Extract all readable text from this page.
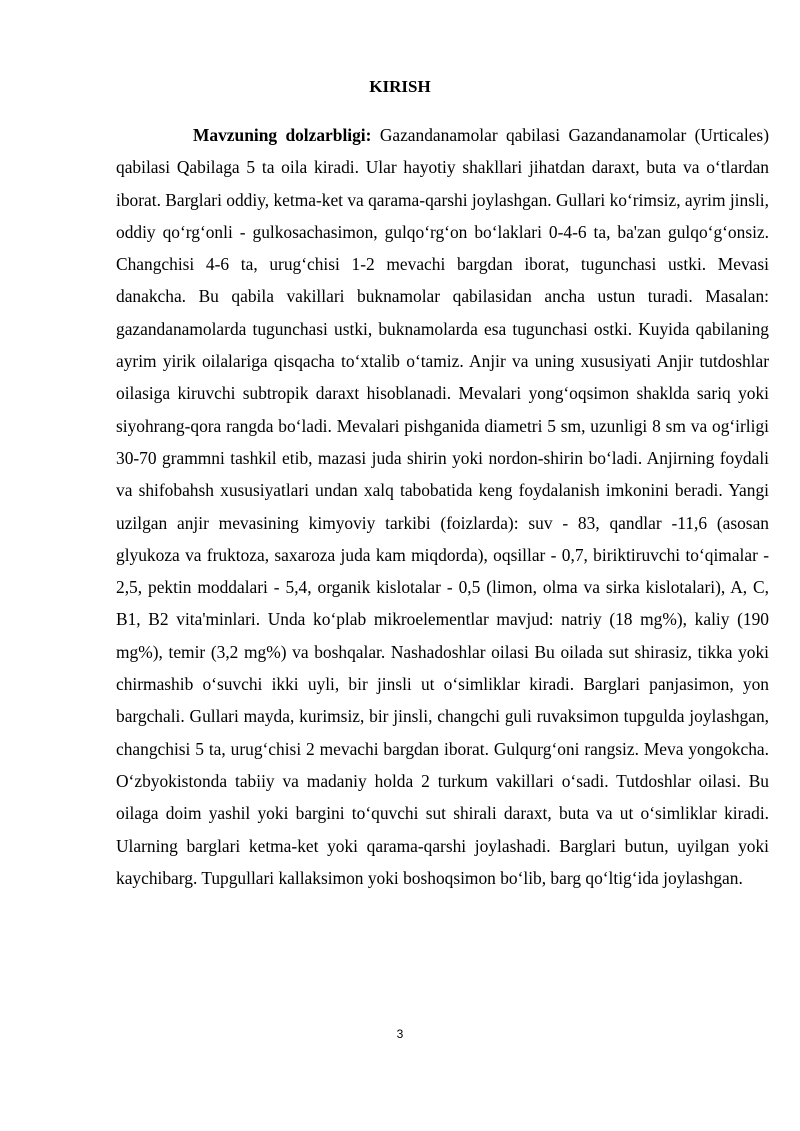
KIRISH

Mavzuning dolzarbligi: Gazandanamolar qabilasi Gazandanamolar (Urticales) qabilasi Qabilaga 5 ta oila kiradi. Ular hayotiy shakllari jihatdan daraxt, buta va o‘tlardan iborat. Barglari oddiy, ketma-ket va qarama-qarshi joylashgan. Gullari ko‘rimsiz, ayrim jinsli, oddiy qo‘rg‘onli - gulkosachasimon, gulqo‘rg‘on bo‘laklari 0-4-6 ta, ba'zan gulqo‘g‘onsiz. Changchisi 4-6 ta, urug‘chisi 1-2 mevachi bargdan iborat, tugunchasi ustki. Mevasi danakcha. Bu qabila vakillari buknamolar qabilasidan ancha ustun turadi. Masalan: gazandanamolarda tugunchasi ustki, buknamolarda esa tugunchasi ostki. Kuyida qabilaning ayrim yirik oilalariga qisqacha to‘xtalib o‘tamiz. Anjir va uning xususiyati Anjir tutdoshlar oilasiga kiruvchi subtropik daraxt hisoblanadi. Mevalari yong‘oqsimon shaklda sariq yoki siyohrang-qora rangda bo‘ladi. Mevalari pishganida diametri 5 sm, uzunligi 8 sm va og‘irligi 30-70 grammni tashkil etib, mazasi juda shirin yoki nordon-shirin bo‘ladi. Anjirning foydali va shifobahsh xususiyatlari undan xalq tabobatida keng foydalanish imkonini beradi. Yangi uzilgan anjir mevasining kimyoviy tarkibi (foizlarda): suv - 83, qandlar -11,6 (asosan glyukoza va fruktoza, saxaroza juda kam miqdorda), oqsillar - 0,7, biriktiruvchi to‘qimalar - 2,5, pektin moddalari - 5,4, organik kislotalar - 0,5 (limon, olma va sirka kislotalari), A, C, B1, B2 vita'minlari. Unda ko‘plab mikroelementlar mavjud: natriy (18 mg%), kaliy (190 mg%), temir (3,2 mg%) va boshqalar. Nashadoshlar oilasi Bu oilada sut shirasiz, tikka yoki chirmashib o‘suvchi ikki uyli, bir jinsli ut o‘simliklar kiradi. Barglari panjasimon, yon bargchali. Gullari mayda, kurimsiz, bir jinsli, changchi guli ruvaksimon tupgulda joylashgan, changchisi 5 ta, urug‘chisi 2 mevachi bargdan iborat. Gulqurg‘oni rangsiz. Meva yongokcha. O‘zbyokistonda tabiiy va madaniy holda 2 turkum vakillari o‘sadi. Tutdoshlar oilasi. Bu oilaga doim yashil yoki bargini to‘quvchi sut shirali daraxt, buta va ut o‘simliklar kiradi. Ularning barglari ketma-ket yoki qarama-qarshi joylashadi. Barglari butun, uyilgan yoki kaychibarg. Tupgullari kallaksimon yoki boshoqsimon bo‘lib, barg qo‘ltig‘ida joylashgan.

3
